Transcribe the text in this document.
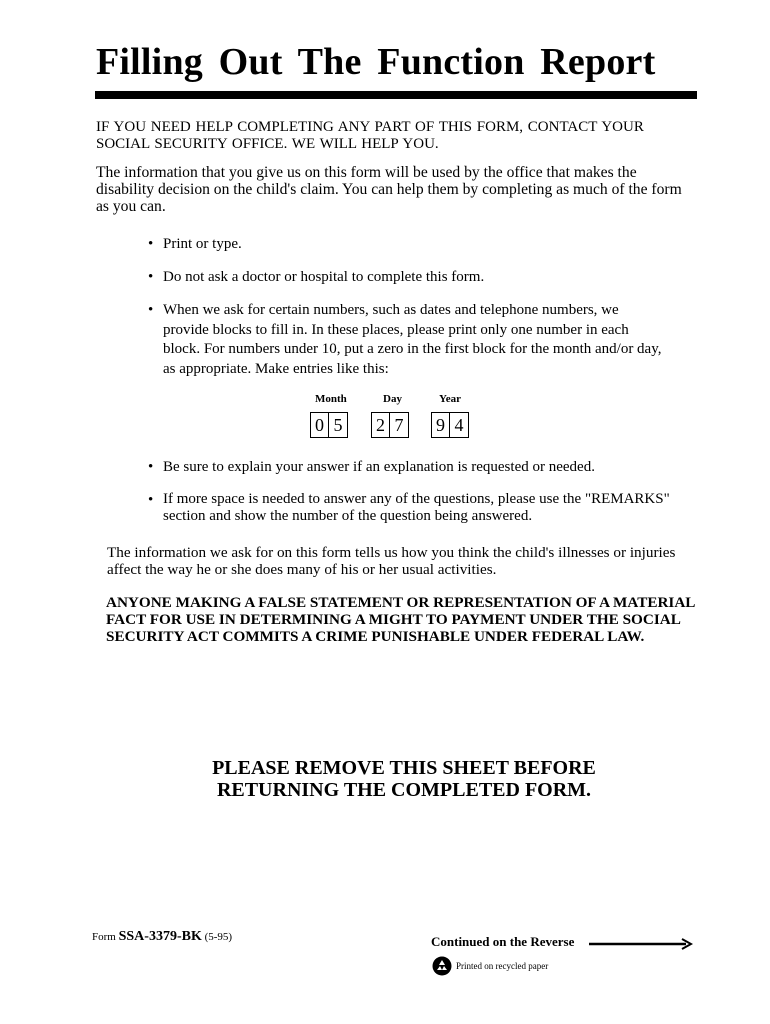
Filling Out The Function Report
IF YOU NEED HELP COMPLETING ANY PART OF THIS FORM, CONTACT YOUR SOCIAL SECURITY OFFICE. WE WILL HELP YOU.
The information that you give us on this form will be used by the office that makes the disability decision on the child's claim. You can help them by completing as much of the form as you can.
• Print or type.
• Do not ask a doctor or hospital to complete this form.
• When we ask for certain numbers, such as dates and telephone numbers, we provide blocks to fill in. In these places, please print only one number in each block. For numbers under 10, put a zero in the first block for the month and/or day, as appropriate. Make entries like this:
Month	Day	Year
0 5	2 7	9 4
• Be sure to explain your answer if an explanation is requested or needed.
• If more space is needed to answer any of the questions, please use the "REMARKS" section and show the number of the question being answered.
The information we ask for on this form tells us how you think the child's illnesses or injuries affect the way he or she does many of his or her usual activities.
ANYONE MAKING A FALSE STATEMENT OR REPRESENTATION OF A MATERIAL FACT FOR USE IN DETERMINING A MIGHT TO PAYMENT UNDER THE SOCIAL SECURITY ACT COMMITS A CRIME PUNISHABLE UNDER FEDERAL LAW.
PLEASE REMOVE THIS SHEET BEFORE
RETURNING THE COMPLETED FORM.
Form SSA-3379-BK (5-95)	Continued on the Reverse
Printed on recycled paper
